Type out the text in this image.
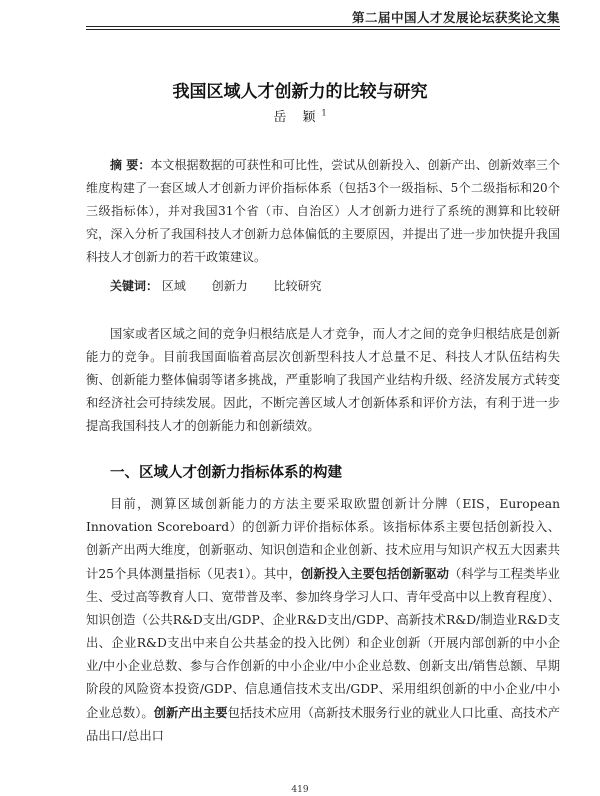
第二届中国人才发展论坛获奖论文集
我国区域人才创新力的比较与研究
岳 颖$^1$

摘 要：本文根据数据的可获性和可比性，尝试从创新投入、创新产出、创新效率三个维度构建了一套区域人才创新力评价指标体系（包括3个一级指标、5个二级指标和20个三级指标体），并对我国31个省（市、自治区）人才创新力进行了系统的测算和比较研究，深入分析了我国科技人才创新力总体偏低的主要原因，并提出了进一步加快提升我国科技人才创新力的若干政策建议。

关键词： 区域 创新力 比较研究

国家或者区域之间的竞争归根结底是人才竞争，而人才之间的竞争归根结底是创新能力的竞争。目前我国面临着高层次创新型科技人才总量不足、科技人才队伍结构失衡、创新能力整体偏弱等诸多挑战，严重影响了我国产业结构升级、经济发展方式转变和经济社会可持续发展。因此，不断完善区域人才创新体系和评价方法，有利于进一步提高我国科技人才的创新能力和创新绩效。

一、区域人才创新力指标体系的构建

目前，测算区域创新能力的方法主要采取欧盟创新计分牌（EIS，European Innovation Scoreboard）的创新力评价指标体系。该指标体系主要包括创新投入、创新产出两大维度，创新驱动、知识创造和企业创新、技术应用与知识产权五大因素共计25个具体测量指标（见表1）。其中，创新投入主要包括创新驱动（科学与工程类毕业生、受过高等教育人口、宽带普及率、参加终身学习人口、青年受高中以上教育程度）、知识创造（公共R&D支出/GDP、企业R&D支出/GDP、高新技术R&D/制造业R&D支出、企业R&D支出中来自公共基金的投入比例）和企业创新（开展内部创新的中小企业/中小企业总数、参与合作创新的中小企业/中小企业总数、创新支出/销售总额、早期阶段的风险资本投资/GDP、信息通信技术支出/GDP、采用组织创新的中小企业/中小企业总数）。创新产出主要包括技术应用（高新技术服务行业的就业人口比重、高技术产品出口/总出口

419
